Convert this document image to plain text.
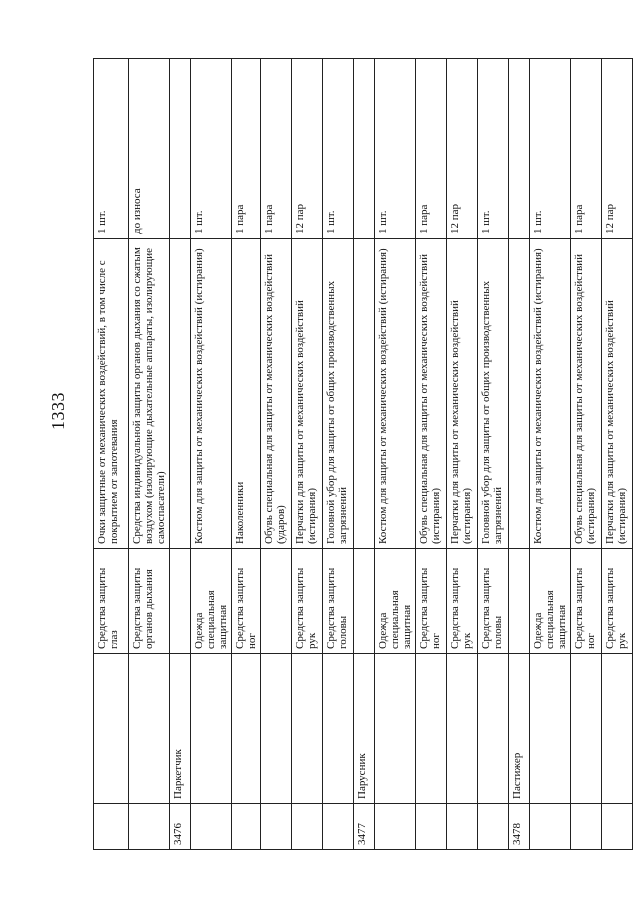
1333
		Средства защиты глаз	Очки защитные от механических воздействий, в том числе с покрытием от запотевания	1 шт.
		Средства защиты органов дыхания	Средства индивидуальной защиты органов дыхания со сжатым воздухом (изолирующие дыхательные аппараты, изолирующие самоспасатели)	до износа
3476	Паркетчик			
		Одежда специальная защитная	Костюм для защиты от механических воздействий (истирания)	1 шт.
		Средства защиты ног	Наколенники	1 пара
			Обувь специальная для защиты от механических воздействий (ударов)	1 пара
		Средства защиты рук	Перчатки для защиты от механических воздействий (истирания)	12 пар
		Средства защиты головы	Головной убор для защиты от общих производственных загрязнений	1 шт.
3477	Парусник			
		Одежда специальная защитная	Костюм для защиты от механических воздействий (истирания)	1 шт.
		Средства защиты ног	Обувь специальная для защиты от механических воздействий (истирания)	1 пара
		Средства защиты рук	Перчатки для защиты от механических воздействий (истирания)	12 пар
		Средства защиты головы	Головной убор для защиты от общих производственных загрязнений	1 шт.
3478	Пастижер			
		Одежда специальная защитная	Костюм для защиты от механических воздействий (истирания)	1 шт.
		Средства защиты ног	Обувь специальная для защиты от механических воздействий (истирания)	1 пара
		Средства защиты рук	Перчатки для защиты от механических воздействий (истирания)	12 пар
